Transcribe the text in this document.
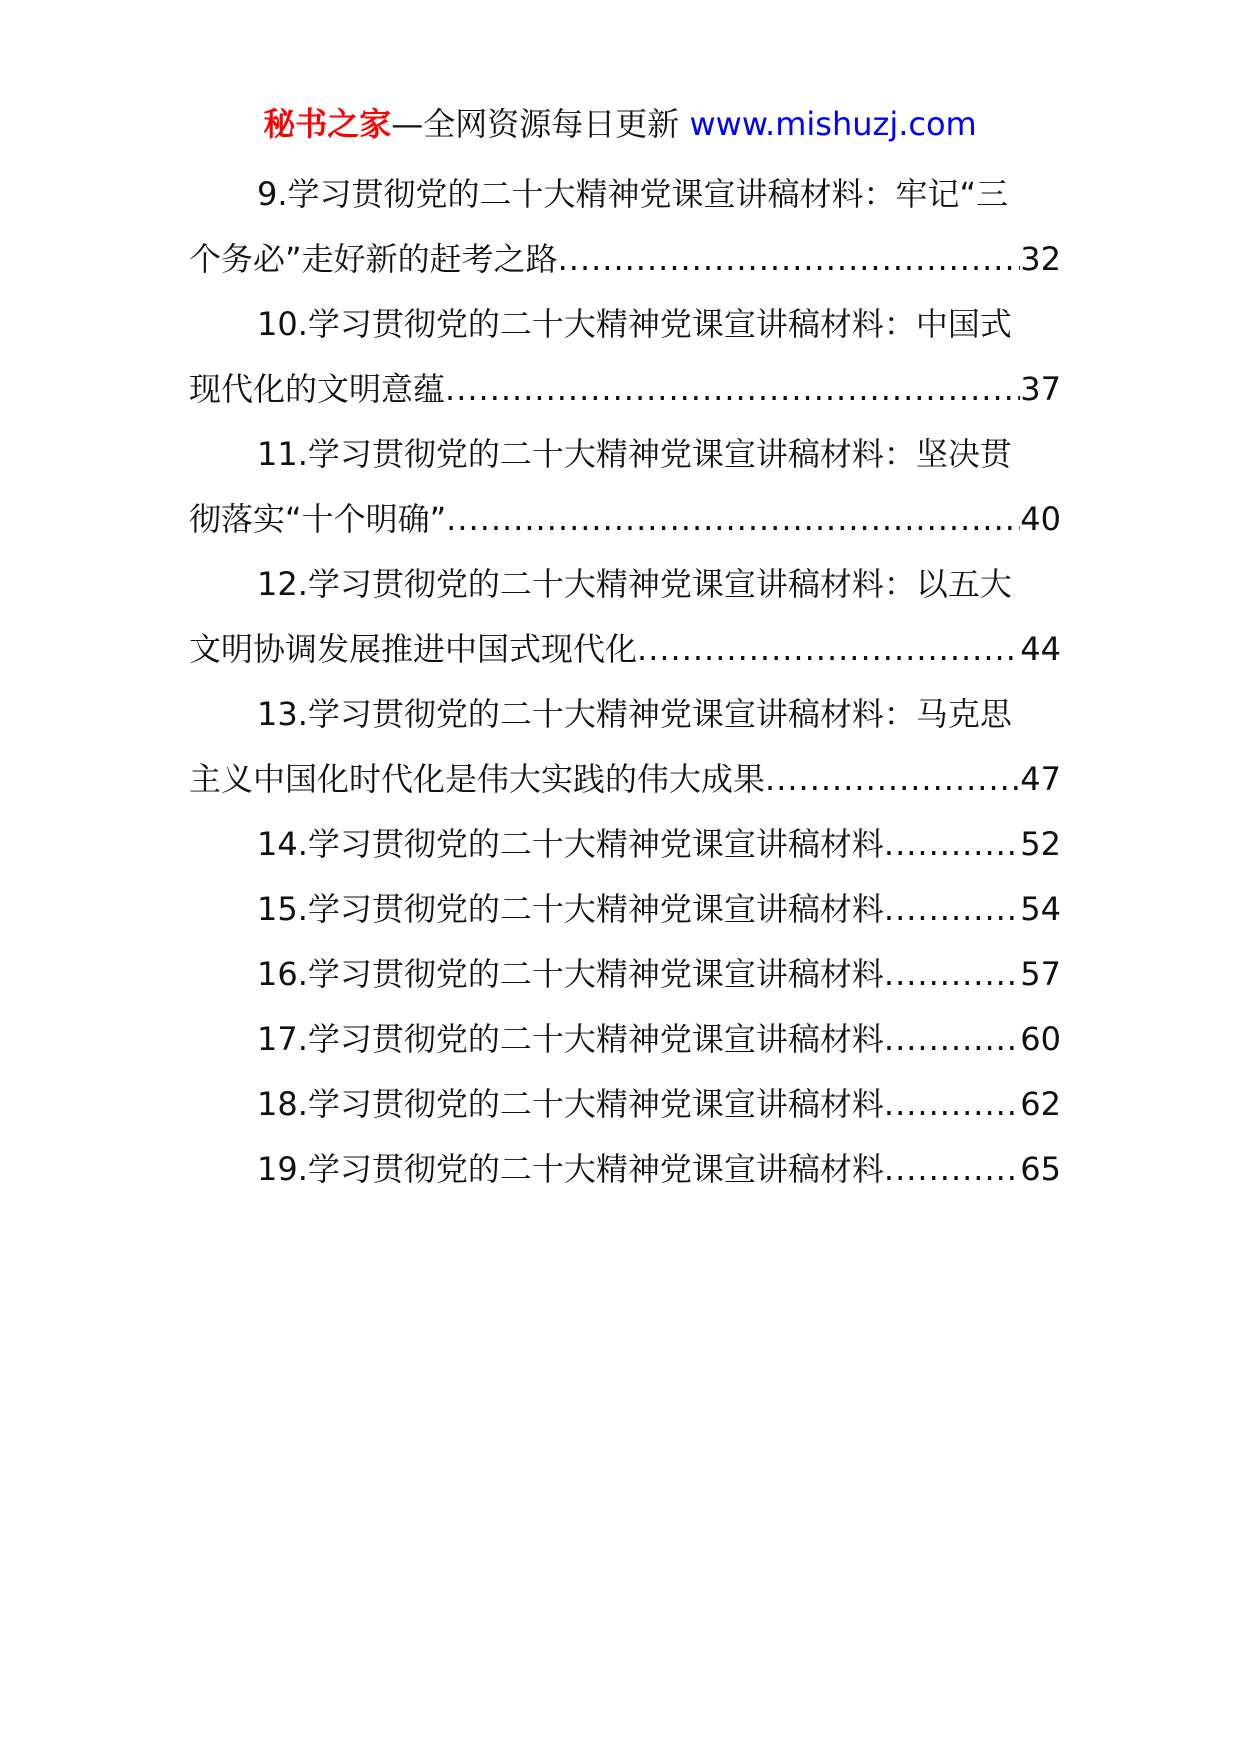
秘书之家—全网资源每日更新 www.mishuzj.com
9.学习贯彻党的二十大精神党课宣讲稿材料：牢记“三
个务必”走好新的赶考之路 .....	32
10.学习贯彻党的二十大精神党课宣讲稿材料：中国式
现代化的文明意蕴 .....	37
11.学习贯彻党的二十大精神党课宣讲稿材料：坚决贯
彻落实“十个明确” .....	40
12.学习贯彻党的二十大精神党课宣讲稿材料：以五大
文明协调发展推进中国式现代化 .....	44
13.学习贯彻党的二十大精神党课宣讲稿材料：马克思
主义中国化时代化是伟大实践的伟大成果 .....	47
14.学习贯彻党的二十大精神党课宣讲稿材料 .....	52
15.学习贯彻党的二十大精神党课宣讲稿材料 .....	54
16.学习贯彻党的二十大精神党课宣讲稿材料 .....	57
17.学习贯彻党的二十大精神党课宣讲稿材料 .....	60
18.学习贯彻党的二十大精神党课宣讲稿材料 .....	62
19.学习贯彻党的二十大精神党课宣讲稿材料 .....	65
